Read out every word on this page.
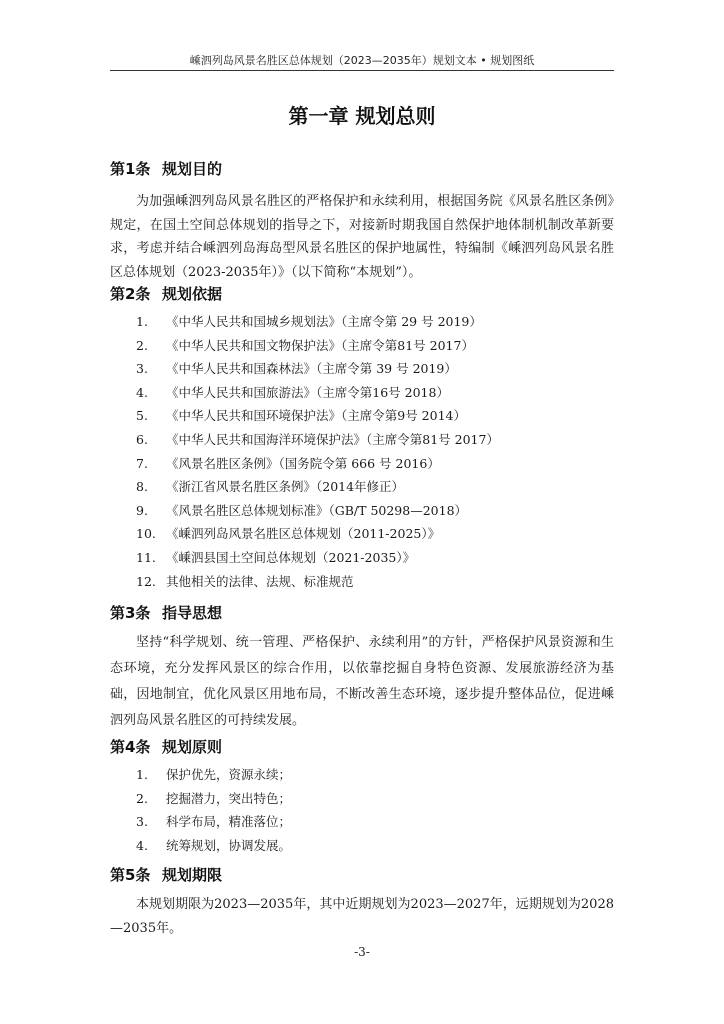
嵊泗列岛风景名胜区总体规划（2023—2035年）规划文本 • 规划图纸
第一章 规划总则
第1条 规划目的

为加强嵊泗列岛风景名胜区的严格保护和永续利用，根据国务院《风景名胜区条例》规定，在国土空间总体规划的指导之下，对接新时期我国自然保护地体制机制改革新要求，考虑并结合嵊泗列岛海岛型风景名胜区的保护地属性，特编制《嵊泗列岛风景名胜区总体规划（2023-2035年）》（以下简称“本规划”）。

第2条 规划依据
1. 《中华人民共和国城乡规划法》（主席令第 29 号 2019）
2. 《中华人民共和国文物保护法》（主席令第81号 2017）
3. 《中华人民共和国森林法》（主席令第 39 号 2019）
4. 《中华人民共和国旅游法》（主席令第16号 2018）
5. 《中华人民共和国环境保护法》（主席令第9号 2014）
6. 《中华人民共和国海洋环境保护法》（主席令第81号 2017）
7. 《风景名胜区条例》（国务院令第 666 号 2016）
8. 《浙江省风景名胜区条例》（2014年修正）
9. 《风景名胜区总体规划标准》（GB/T 50298—2018）
10. 《嵊泗列岛风景名胜区总体规划（2011-2025）》
11. 《嵊泗县国土空间总体规划（2021-2035）》
12. 其他相关的法律、法规、标准规范
第3条 指导思想

坚持“科学规划、统一管理、严格保护、永续利用”的方针，严格保护风景资源和生态环境，充分发挥风景区的综合作用，以依靠挖掘自身特色资源、发展旅游经济为基础，因地制宜，优化风景区用地布局，不断改善生态环境，逐步提升整体品位，促进嵊泗列岛风景名胜区的可持续发展。

第4条 规划原则
1. 保护优先，资源永续；
2. 挖掘潜力，突出特色；
3. 科学布局，精准落位；
4. 统筹规划，协调发展。
第5条 规划期限

本规划期限为2023—2035年，其中近期规划为2023—2027年，远期规划为2028—2035年。

-3-
